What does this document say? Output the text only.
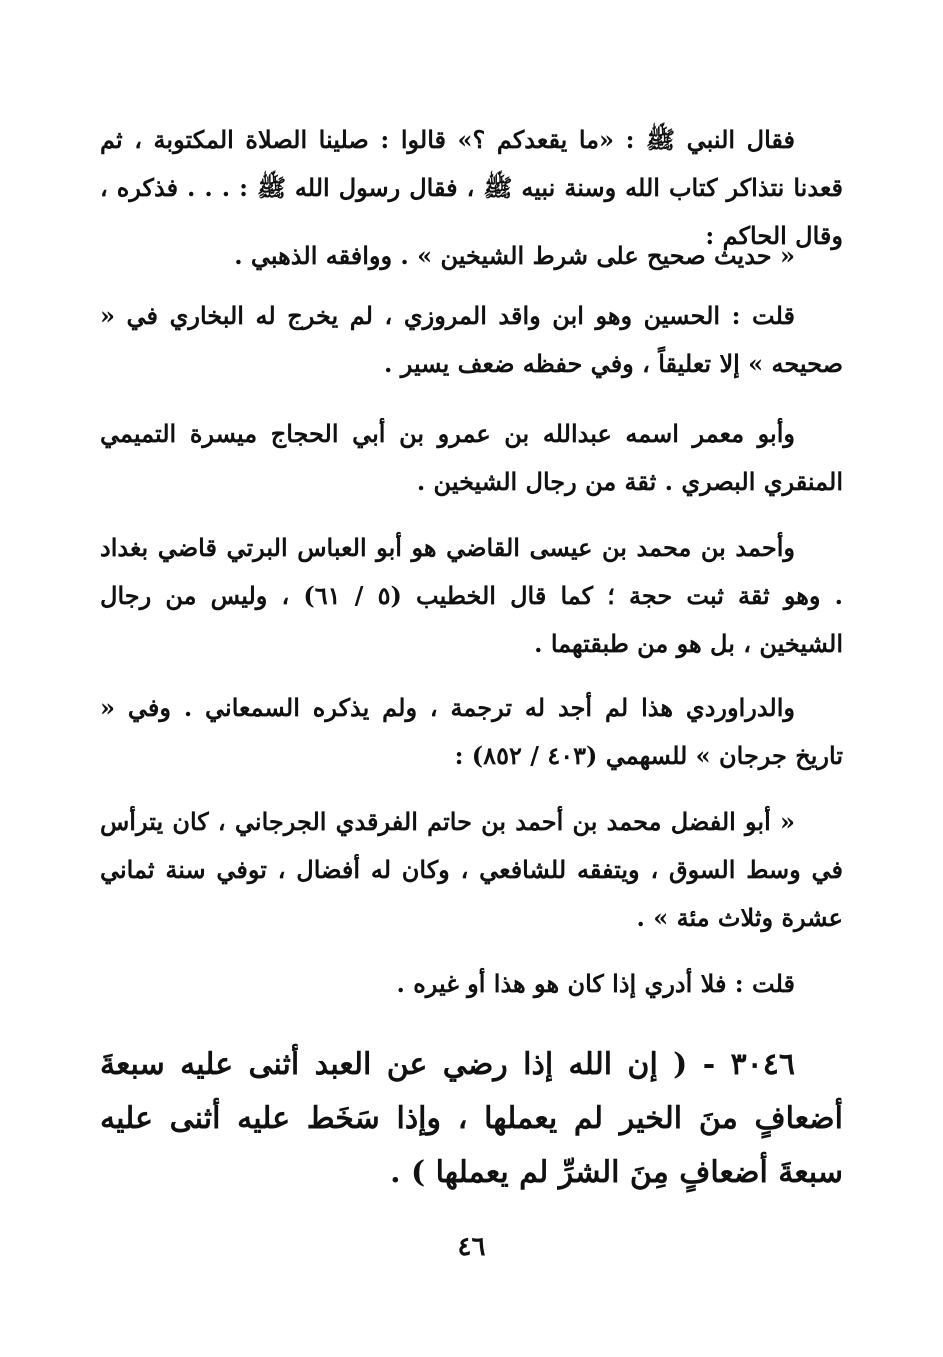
فقال النبي ﷺ : «ما يقعدكم ؟» قالوا : صلينا الصلاة المكتوبة ، ثم قعدنا نتذاكر كتاب الله وسنة نبيه ﷺ ، فقال رسول الله ﷺ : . . . فذكره ، وقال الحاكم :
« حديث صحيح على شرط الشيخين » . ووافقه الذهبي .
قلت : الحسين وهو ابن واقد المروزي ، لم يخرج له البخاري في « صحيحه » إلا تعليقاً ، وفي حفظه ضعف يسير .
وأبو معمر اسمه عبدالله بن عمرو بن أبي الحجاج ميسرة التميمي المنقري البصري . ثقة من رجال الشيخين .
وأحمد بن محمد بن عيسى القاضي هو أبو العباس البرتي قاضي بغداد . وهو ثقة ثبت حجة ؛ كما قال الخطيب (٥ / ٦١) ، وليس من رجال الشيخين ، بل هو من طبقتهما .
والدراوردي هذا لم أجد له ترجمة ، ولم يذكره السمعاني . وفي « تاريخ جرجان » للسهمي (٤٠٣ / ٨٥٢) :
« أبو الفضل محمد بن أحمد بن حاتم الفرقدي الجرجاني ، كان يترأس في وسط السوق ، ويتفقه للشافعي ، وكان له أفضال ، توفي سنة ثماني عشرة وثلاث مئة » .
قلت : فلا أدري إذا كان هو هذا أو غيره .
٣٠٤٦ - ( إن الله إذا رضي عن العبد أثنى عليه سبعةَ أضعافٍ منَ الخير لم يعملها ، وإذا سَخَط عليه أثنى عليه سبعةَ أضعافٍ مِنَ الشرِّ لم يعملها ) .
٤٦
